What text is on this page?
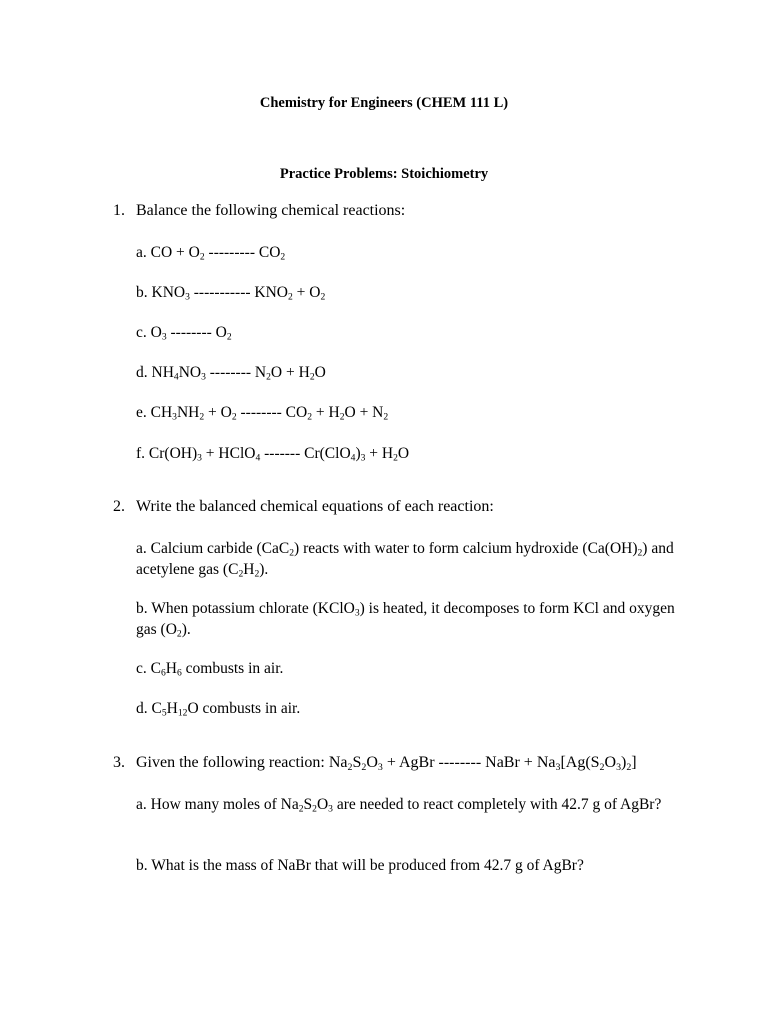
Chemistry for Engineers (CHEM 111 L)
Practice Problems: Stoichiometry
1. Balance the following chemical reactions:
a. CO + $O_2$ --------- $CO_2$
b. $KNO_3$ ----------- $KNO_2 + O_2$
c. $O_3$ -------- $O_2$
d. $NH_4NO_3$ -------- $N_2O + H_2O$
e. $CH_3NH_2 + O_2$ -------- $CO_2 + H_2O + N_2$
f. $Cr(OH)_3$ + HClO$_4$ ------- $Cr(ClO_4)_3 + H_2O$
2. Write the balanced chemical equations of each reaction:
a. Calcium carbide (CaC$_2$) reacts with water to form calcium hydroxide $(Ca(OH)_2)$ and acetylene gas $(C_2H_2)$.
b. When potassium chlorate (KClO$_3$) is heated, it decomposes to form KCl and oxygen gas $(O_2)$.
c. $C_6H_6$ combusts in air.
d. $C_5H_{12}O$ combusts in air.
3. Given the following reaction: $Na_2S_2O_3$ + AgBr -------- NaBr + $Na_3[Ag(S_2O_3)_2]$
a. How many moles of $Na_2S_2O_3$ are needed to react completely with 42.7 g of AgBr?
b. What is the mass of NaBr that will be produced from 42.7 g of AgBr?
